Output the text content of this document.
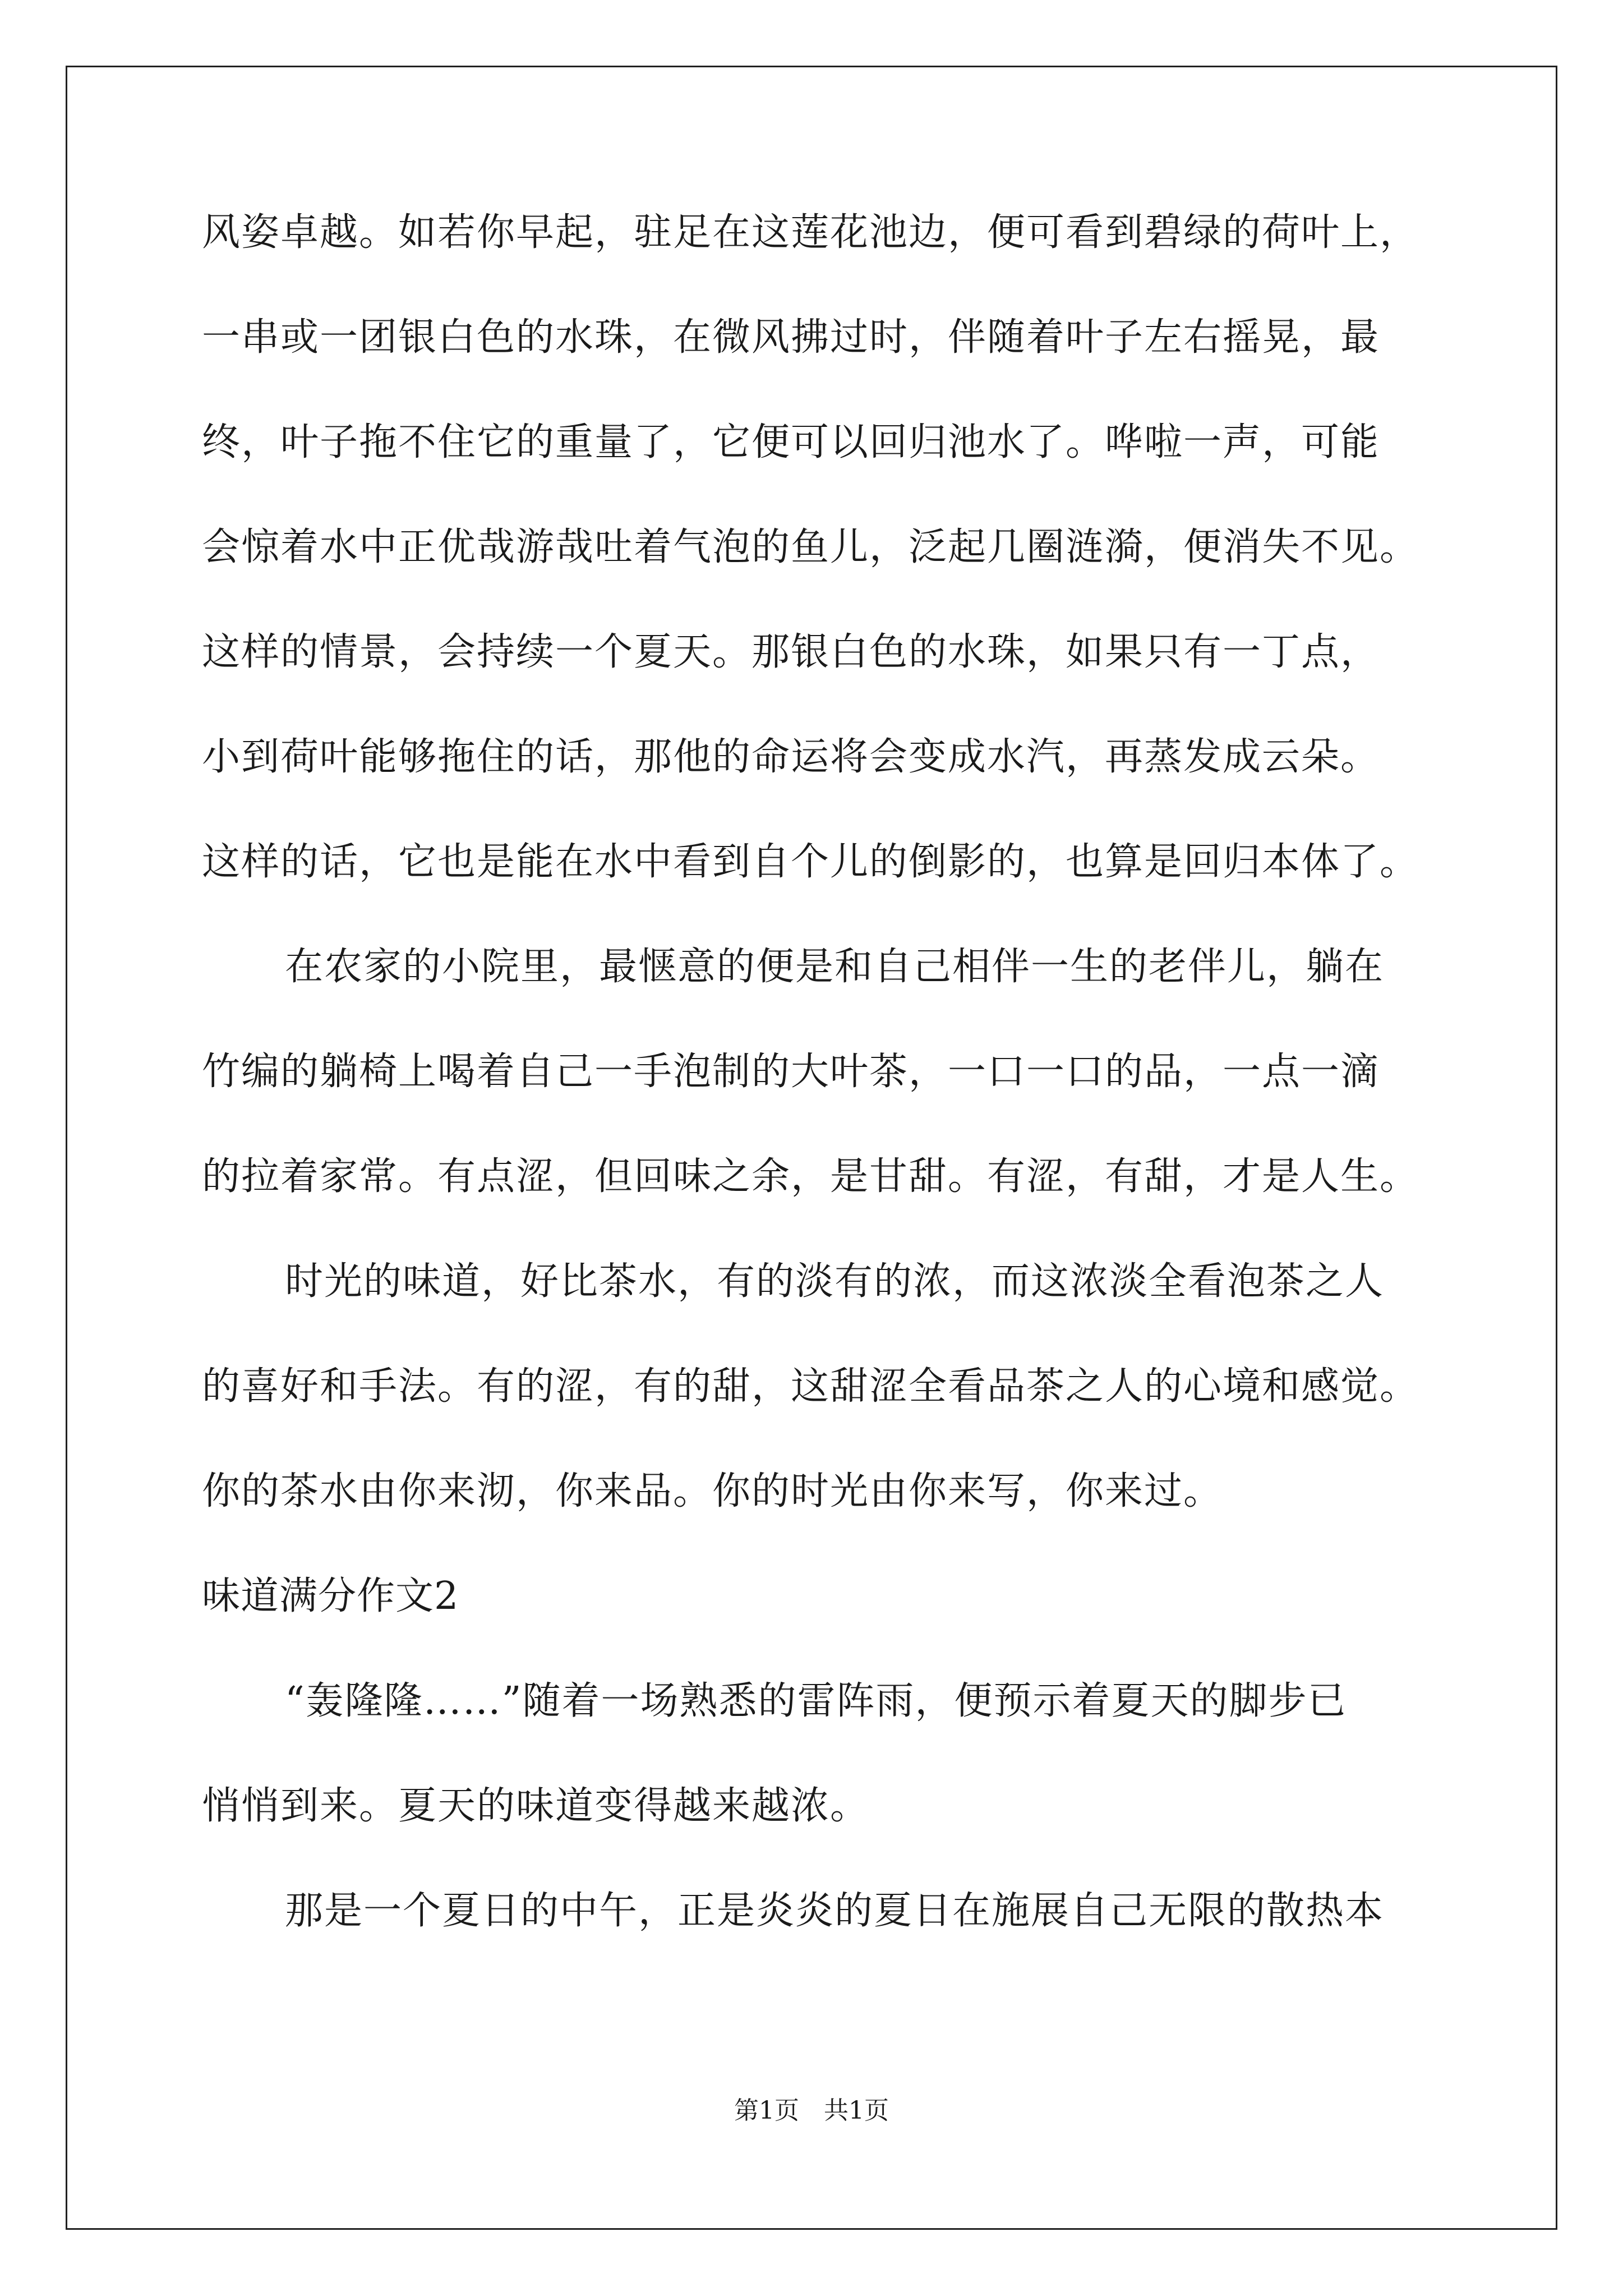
风姿卓越。如若你早起，驻足在这莲花池边，便可看到碧绿的荷叶上，
一串或一团银白色的水珠，在微风拂过时，伴随着叶子左右摇晃，最
终，叶子拖不住它的重量了，它便可以回归池水了。哗啦一声，可能
会惊着水中正优哉游哉吐着气泡的鱼儿，泛起几圈涟漪，便消失不见。
这样的情景，会持续一个夏天。那银白色的水珠，如果只有一丁点，
小到荷叶能够拖住的话，那他的命运将会变成水汽，再蒸发成云朵。
这样的话，它也是能在水中看到自个儿的倒影的，也算是回归本体了。
在农家的小院里，最惬意的便是和自己相伴一生的老伴儿，躺在
竹编的躺椅上喝着自己一手泡制的大叶茶，一口一口的品，一点一滴
的拉着家常。有点涩，但回味之余，是甘甜。有涩，有甜，才是人生。
时光的味道，好比茶水，有的淡有的浓，而这浓淡全看泡茶之人
的喜好和手法。有的涩，有的甜，这甜涩全看品茶之人的心境和感觉。
你的茶水由你来沏，你来品。你的时光由你来写，你来过。
味道满分作文2
“轰隆隆……”随着一场熟悉的雷阵雨，便预示着夏天的脚步已
悄悄到来。夏天的味道变得越来越浓。
那是一个夏日的中午，正是炎炎的夏日在施展自己无限的散热本
第1页　共1页
